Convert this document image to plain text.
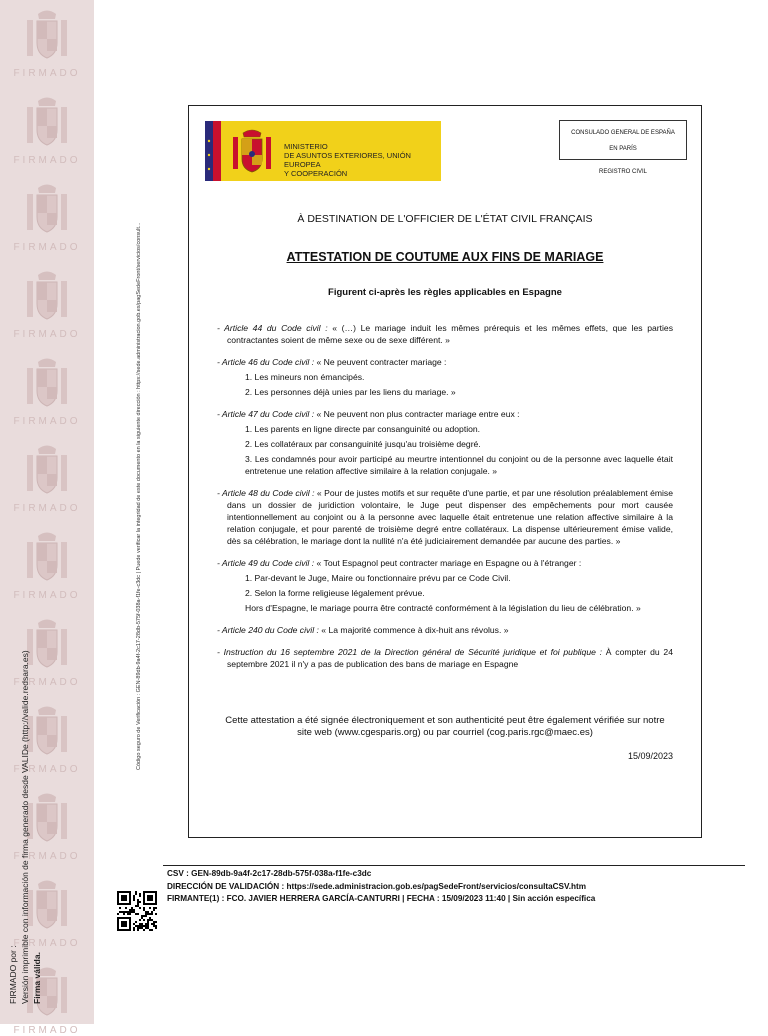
FIRMADO
FIRMADO
FIRMADO
FIRMADO
FIRMADO
FIRMADO
FIRMADO
FIRMADO
FIRMADO
FIRMADO
FIRMADO
FIRMADO
Código seguro de Verificación : GEN-89db-9a4f-2c17-28db-575f-038a-f1fe-c3dc | Puede verificar la integridad de este documento en la siguiente dirección : https://sede.administracion.gob.es/pagSedeFront/servicios/consult...
FIRMADO por : Versión imprimible con información de firma generado desde VALIDe (http://valide.redsara.es) Firma válida.
MINISTERIO
DE ASUNTOS EXTERIORES, UNIÓN EUROPEA
Y COOPERACIÓN
CONSULADO GENERAL DE ESPAÑA
EN PARÍS
REGISTRO CIVIL
À DESTINATION DE L'OFFICIER DE L'ÉTAT CIVIL FRANÇAIS
ATTESTATION DE COUTUME AUX FINS DE MARIAGE
Figurent ci-après les règles applicables en Espagne
- Article 44 du Code civil : « (…) Le mariage induit les mêmes prérequis et les mêmes effets, que les parties contractantes soient de même sexe ou de sexe différent. »
- Article 46 du Code civil : « Ne peuvent contracter mariage :
1. Les mineurs non émancipés.
2. Les personnes déjà unies par les liens du mariage. »
- Article 47 du Code civil : « Ne peuvent non plus contracter mariage entre eux :
1. Les parents en ligne directe par consanguinité ou adoption.
2. Les collatéraux par consanguinité jusqu'au troisième degré.
3. Les condamnés pour avoir participé au meurtre intentionnel du conjoint ou de la personne avec laquelle était entretenue une relation affective similaire à la relation conjugale. »
- Article 48 du Code civil : « Pour de justes motifs et sur requête d'une partie, et par une résolution préalablement émise dans un dossier de juridiction volontaire, le Juge peut dispenser des empêchements pour mort causée intentionnellement au conjoint ou à la personne avec laquelle était entretenue une relation affective similaire à la relation conjugale, et pour parenté de troisième degré entre collatéraux. La dispense ultérieurement émise valide, dès sa célébration, le mariage dont la nullité n'a été judiciairement demandée par aucune des parties. »
- Article 49 du Code civil : « Tout Espagnol peut contracter mariage en Espagne ou à l'étranger :
1. Par-devant le Juge, Maire ou fonctionnaire prévu par ce Code Civil.
2. Selon la forme religieuse légalement prévue.
Hors d'Espagne, le mariage pourra être contracté conformément à la législation du lieu de célébration. »
- Article 240 du Code civil : « La majorité commence à dix-huit ans révolus. »
- Instruction du 16 septembre 2021 de la Direction général de Sécurité juridique et foi publique : À compter du 24 septembre 2021 il n'y a pas de publication des bans de mariage en Espagne
Cette attestation a été signée électroniquement et son authenticité peut être également vérifiée sur notre site web (www.cgesparis.org) ou par courriel (cog.paris.rgc@maec.es)
15/09/2023
CSV : GEN-89db-9a4f-2c17-28db-575f-038a-f1fe-c3dc
DIRECCIÓN DE VALIDACIÓN : https://sede.administracion.gob.es/pagSedeFront/servicios/consultaCSV.htm
FIRMANTE(1) : FCO. JAVIER HERRERA GARCÍA-CANTURRI | FECHA : 15/09/2023 11:40 | Sin acción específica
